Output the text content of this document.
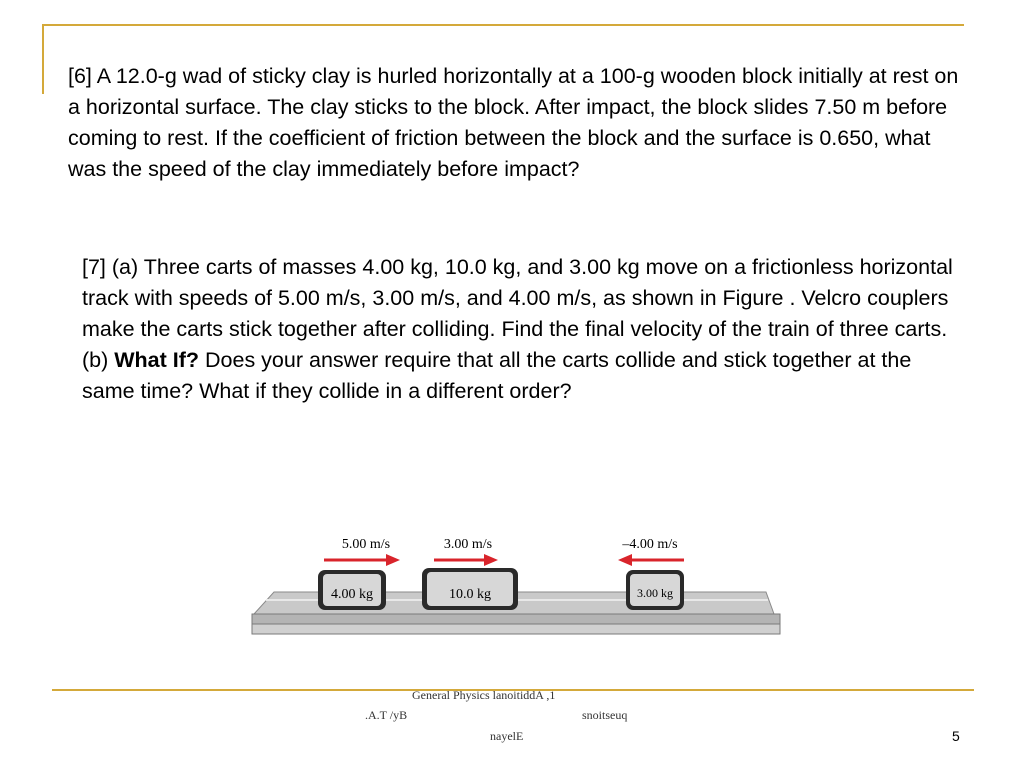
[6] A 12.0-g wad of sticky clay is hurled horizontally at a 100-g wooden block initially at rest on a horizontal surface. The clay sticks to the block. After impact, the block slides 7.50 m before coming to rest. If the coefficient of friction between the block and the surface is 0.650, what was the speed of the clay immediately before impact?

[7] (a) Three carts of masses 4.00 kg, 10.0 kg, and 3.00 kg move on a frictionless horizontal track with speeds of 5.00 m/s, 3.00 m/s, and 4.00 m/s, as shown in Figure . Velcro couplers make the carts stick together after colliding. Find the final velocity of the train of three carts. (b) What If? Does your answer require that all the carts collide and stick together at the same time? What if they collide in a different order?

4.00 kg	10.0 kg	3.00 kg
5.00 m/s	3.00 m/s	–4.00 m/s
General Physics lanoitiddA ,1
.A.T /yB	snoitseuq
nayelE	5
